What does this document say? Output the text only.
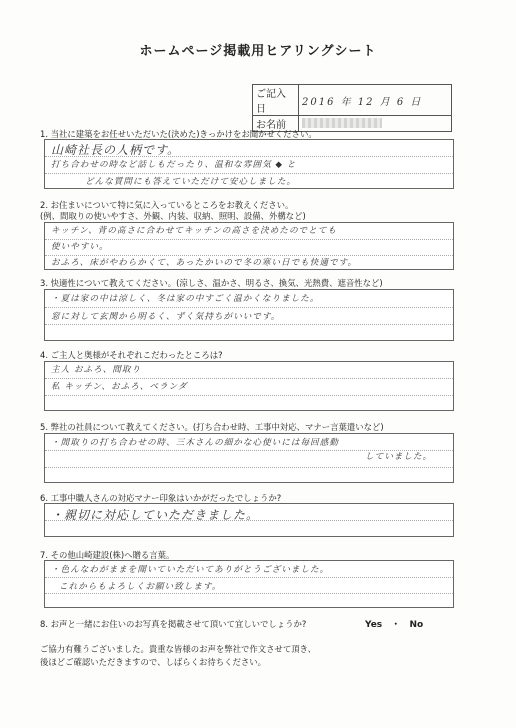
ホームページ掲載用ヒアリングシート
ご記入日	2016 年 12 月 6 日
お名前	
1. 当社に建築をお任せいただいた(決めた)きっかけをお聞かせください。
山崎社長の人柄です。
打ち合わせの時など話しもだったり、温和な雰囲気 ◆ と
どんな質問にも答えていただけて安心しました。
2. お住まいについて特に気に入っているところをお教えください。
(例、間取りの使いやすさ、外観、内装、収納、照明、設備、外構など)
キッチン、背の高さに合わせてキッチンの高さを決めたのでとても
使いやすい。
おふろ、床がやわらかくて、あったかいので冬の寒い日でも快適です。
3. 快適性について教えてください。(涼しさ、温かさ、明るさ、換気、光熱費、遮音性など)
・夏は家の中は涼しく、冬は家の中すごく温かくなりました。
窓に対して玄関から明るく、ずく気持ちがいいです。
4. ご主人と奥様がそれぞれこだわったところは?
主人 おふろ、間取り
私 キッチン、おふろ、ベランダ
5. 弊社の社員について教えてください。(打ち合わせ時、工事中対応、マナー言葉遣いなど)
・間取りの打ち合わせの時、三木さんの細かな心使いには毎回感動
していました。
6. 工事中職人さんの対応マナー印象はいかがだったでしょうか?
・親切に対応していただきました。
7. その他山崎建設(株)へ贈る言葉。
・色んなわがままを聞いていただいてありがとうございました。
これからもよろしくお願い致します。
8. お声と一緒にお住いのお写真を掲載させて頂いて宜しいでしょうか?	Yes ・ No
ご協力有難うございました。貴重な皆様のお声を弊社で作文させて頂き、
後ほどご確認いただきますので、しばらくお待ちください。
